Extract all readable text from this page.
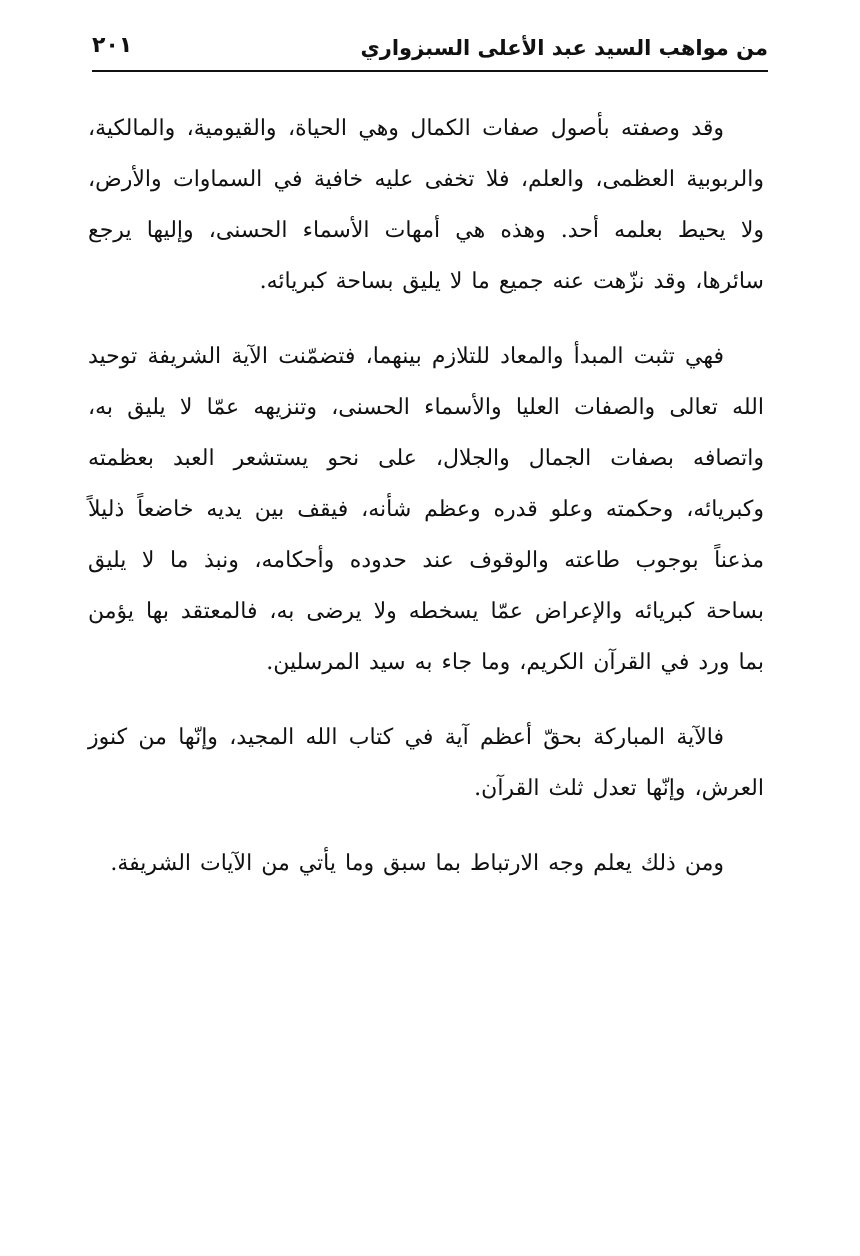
من مواهب السيد عبد الأعلى السبزواري
٢٠١

وقد وصفته بأصول صفات الكمال وهي الحياة، والقيومية، والمالكية، والربوبية العظمى، والعلم، فلا تخفى عليه خافية في السماوات والأرض، ولا يحيط بعلمه أحد. وهذه هي أمهات الأسماء الحسنى، وإليها يرجع سائرها، وقد نزّهت عنه جميع ما لا يليق بساحة كبريائه.

فهي تثبت المبدأ والمعاد للتلازم بينهما، فتضمّنت الآية الشريفة توحيد الله تعالى والصفات العليا والأسماء الحسنى، وتنزيهه عمّا لا يليق به، واتصافه بصفات الجمال والجلال، على نحو يستشعر العبد بعظمته وكبريائه، وحكمته وعلو قدره وعظم شأنه، فيقف بين يديه خاضعاً ذليلاً مذعناً بوجوب طاعته والوقوف عند حدوده وأحكامه، ونبذ ما لا يليق بساحة كبريائه والإعراض عمّا يسخطه ولا يرضى به، فالمعتقد بها يؤمن بما ورد في القرآن الكريم، وما جاء به سيد المرسلين.

فالآية المباركة بحقّ أعظم آية في كتاب الله المجيد، وإنّها من كنوز العرش، وإنّها تعدل ثلث القرآن.

ومن ذلك يعلم وجه الارتباط بما سبق وما يأتي من الآيات الشريفة.
